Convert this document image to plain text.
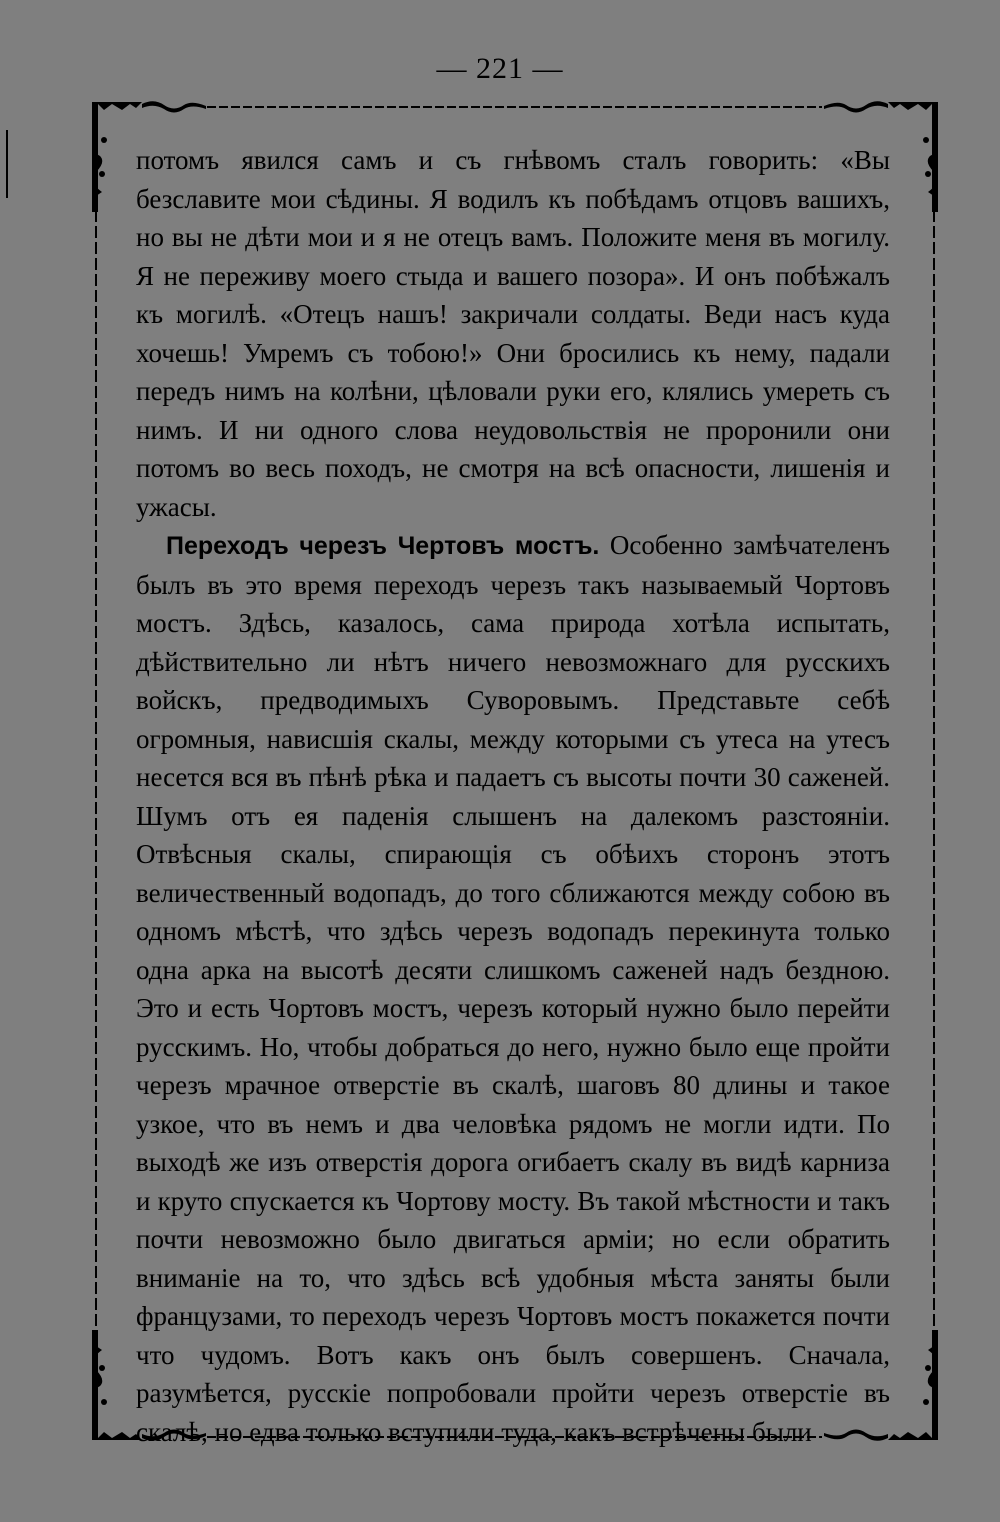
— 221 —

потомъ явился самъ и съ гнѣвомъ сталъ говорить: «Вы безславите мои сѣдины. Я водилъ къ побѣдамъ отцовъ вашихъ, но вы не дѣти мои и я не отецъ вамъ. Положите меня въ могилу. Я не переживу моего стыда и вашего позора». И онъ побѣжалъ къ могилѣ. «Отецъ нашъ! закричали солдаты. Веди насъ куда хочешь! Умремъ съ тобою!» Они бросились къ нему, падали передъ нимъ на колѣни, цѣловали руки его, клялись умереть съ нимъ. И ни одного слова неудовольствія не проронили они потомъ во весь походъ, не смотря на всѣ опасности, лишенія и ужасы.

Переходъ черезъ Чертовъ мостъ. Особенно замѣчателенъ былъ въ это время переходъ черезъ такъ называемый Чортовъ мостъ. Здѣсь, казалось, сама природа хотѣла испытать, дѣйствительно ли нѣтъ ничего невозможнаго для русскихъ войскъ, предводимыхъ Суворовымъ. Представьте себѣ огромныя, нависшія скалы, между которыми съ утеса на утесъ несется вся въ пѣнѣ рѣка и падаетъ съ высоты почти 30 саженей. Шумъ отъ ея паденія слышенъ на далекомъ разстояніи. Отвѣсныя скалы, спирающія съ обѣихъ сторонъ этотъ величественный водопадъ, до того сближаются между собою въ одномъ мѣстѣ, что здѣсь черезъ водопадъ перекинута только одна арка на высотѣ десяти слишкомъ саженей надъ бездною. Это и есть Чортовъ мостъ, черезъ который нужно было перейти русскимъ. Но, чтобы добраться до него, нужно было еще пройти черезъ мрачное отверстіе въ скалѣ, шаговъ 80 длины и такое узкое, что въ немъ и два человѣка рядомъ не могли идти. По выходѣ же изъ отверстія дорога огибаетъ скалу въ видѣ карниза и круто спускается къ Чортову мосту. Въ такой мѣстности и такъ почти невозможно было двигаться арміи; но если обратить вниманіе на то, что здѣсь всѣ удобныя мѣста заняты были французами, то переходъ черезъ Чортовъ мостъ покажется почти что чудомъ. Вотъ какъ онъ былъ совершенъ. Сначала, разумѣется, русскіе попробовали пройти черезъ отверстіе въ скалѣ, но едва только вступили туда, какъ встрѣчены были
